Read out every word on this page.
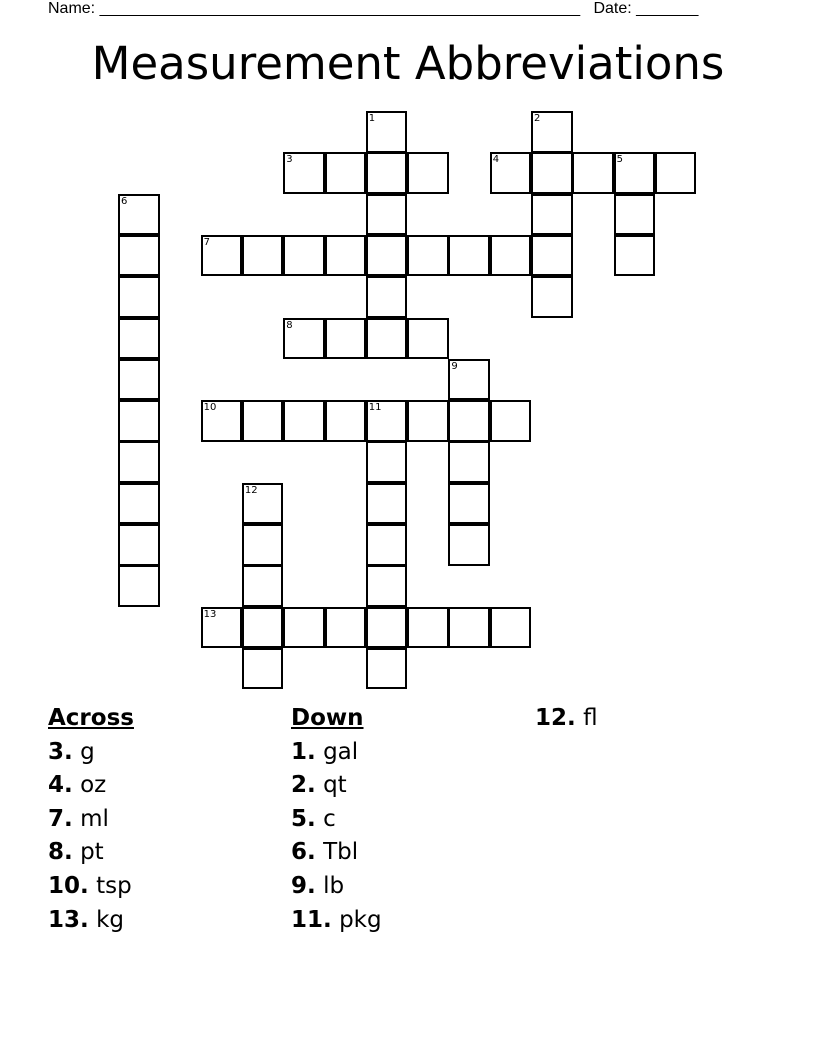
Name: ______________________________________________________ Date: _______
Measurement Abbreviations
1	2
3	4	5
6
7
8
9
10	11
12
13
Across
3. g
4. oz
7. ml
8. pt
10. tsp
13. kg
Down
1. gal
2. qt
5. c
6. Tbl
9. lb
11. pkg
12. fl
